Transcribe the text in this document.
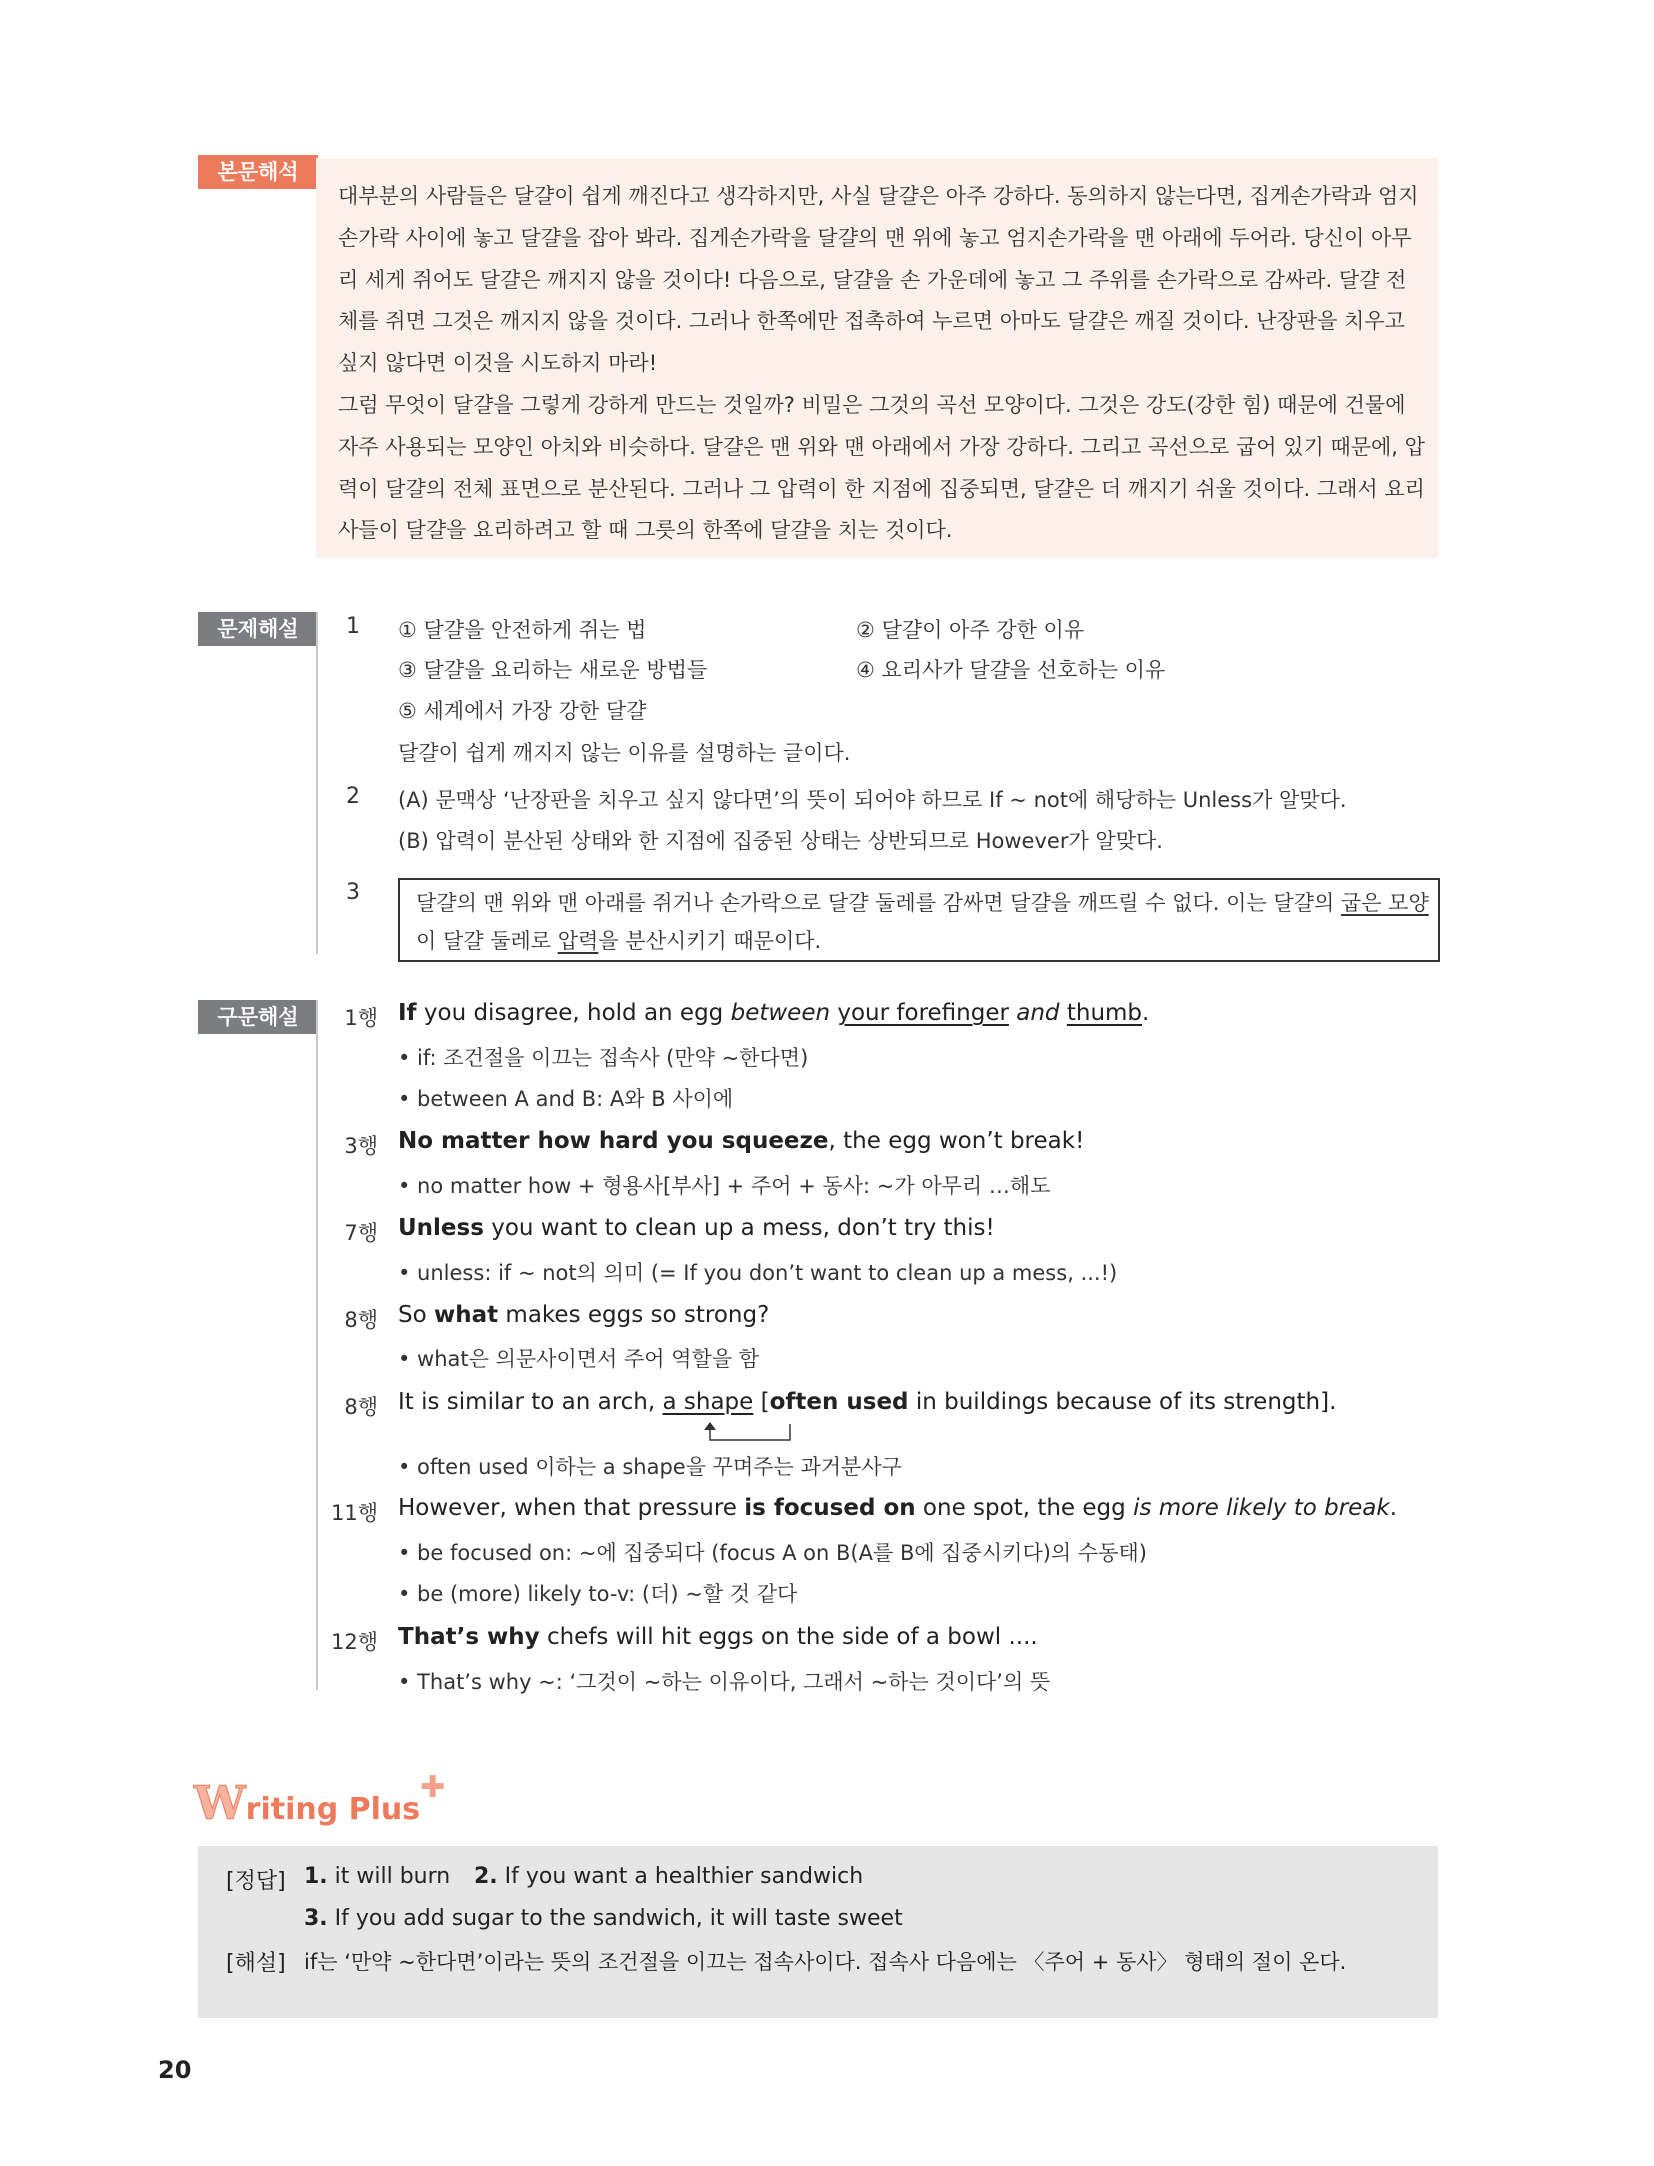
본문해석
대부분의 사람들은 달걀이 쉽게 깨진다고 생각하지만, 사실 달걀은 아주 강하다. 동의하지 않는다면, 집게손가락과 엄지
손가락 사이에 놓고 달걀을 잡아 봐라. 집게손가락을 달걀의 맨 위에 놓고 엄지손가락을 맨 아래에 두어라. 당신이 아무
리 세게 쥐어도 달걀은 깨지지 않을 것이다! 다음으로, 달걀을 손 가운데에 놓고 그 주위를 손가락으로 감싸라. 달걀 전
체를 쥐면 그것은 깨지지 않을 것이다. 그러나 한쪽에만 접촉하여 누르면 아마도 달걀은 깨질 것이다. 난장판을 치우고
싶지 않다면 이것을 시도하지 마라!
그럼 무엇이 달걀을 그렇게 강하게 만드는 것일까? 비밀은 그것의 곡선 모양이다. 그것은 강도(강한 힘) 때문에 건물에
자주 사용되는 모양인 아치와 비슷하다. 달걀은 맨 위와 맨 아래에서 가장 강하다. 그리고 곡선으로 굽어 있기 때문에, 압
력이 달걀의 전체 표면으로 분산된다. 그러나 그 압력이 한 지점에 집중되면, 달걀은 더 깨지기 쉬울 것이다. 그래서 요리
사들이 달걀을 요리하려고 할 때 그릇의 한쪽에 달걀을 치는 것이다.
문제해설	1 ① 달걀을 안전하게 쥐는 법	② 달걀이 아주 강한 이유
③ 달걀을 요리하는 새로운 방법들	④ 요리사가 달걀을 선호하는 이유
⑤ 세계에서 가장 강한 달걀
달걀이 쉽게 깨지지 않는 이유를 설명하는 글이다.
2 (A) 문맥상 ‘난장판을 치우고 싶지 않다면’의 뜻이 되어야 하므로 If ~ not에 해당하는 Unless가 알맞다.
(B) 압력이 분산된 상태와 한 지점에 집중된 상태는 상반되므로 However가 알맞다.
3	달걀의 맨 위와 맨 아래를 쥐거나 손가락으로 달걀 둘레를 감싸면 달걀을 깨뜨릴 수 없다. 이는 달걀의 굽은 모양
이 달걀 둘레로 압력을 분산시키기 때문이다.
구문해설	1행 If you disagree, hold an egg between your forefinger and thumb.
• if: 조건절을 이끄는 접속사 (만약 ~한다면)
• between A and B: A와 B 사이에
3행 No matter how hard you squeeze, the egg won’t break!
• no matter how + 형용사[부사] + 주어 + 동사: ~가 아무리 …해도
7행 Unless you want to clean up a mess, don’t try this!
• unless: if ~ not의 의미 (= If you don’t want to clean up a mess, ...!)
8행 So what makes eggs so strong?
• what은 의문사이면서 주어 역할을 함
8행 It is similar to an arch, a shape [often used in buildings because of its strength].
• often used 이하는 a shape을 꾸며주는 과거분사구
11행 However, when that pressure is focused on one spot, the egg is more likely to break.
• be focused on: ~에 집중되다 (focus A on B(A를 B에 집중시키다)의 수동태)
• be (more) likely to-v: (더) ~할 것 같다
12행 That’s why chefs will hit eggs on the side of a bowl ....
• That’s why ~: ‘그것이 ~하는 이유이다, 그래서 ~하는 것이다’의 뜻
Writing Plus✚
[정답] 1. it will burn 2. If you want a healthier sandwich
3. If you add sugar to the sandwich, it will taste sweet
[해설] if는 ‘만약 ~한다면’이라는 뜻의 조건절을 이끄는 접속사이다. 접속사 다음에는 〈주어 + 동사〉 형태의 절이 온다.
20
